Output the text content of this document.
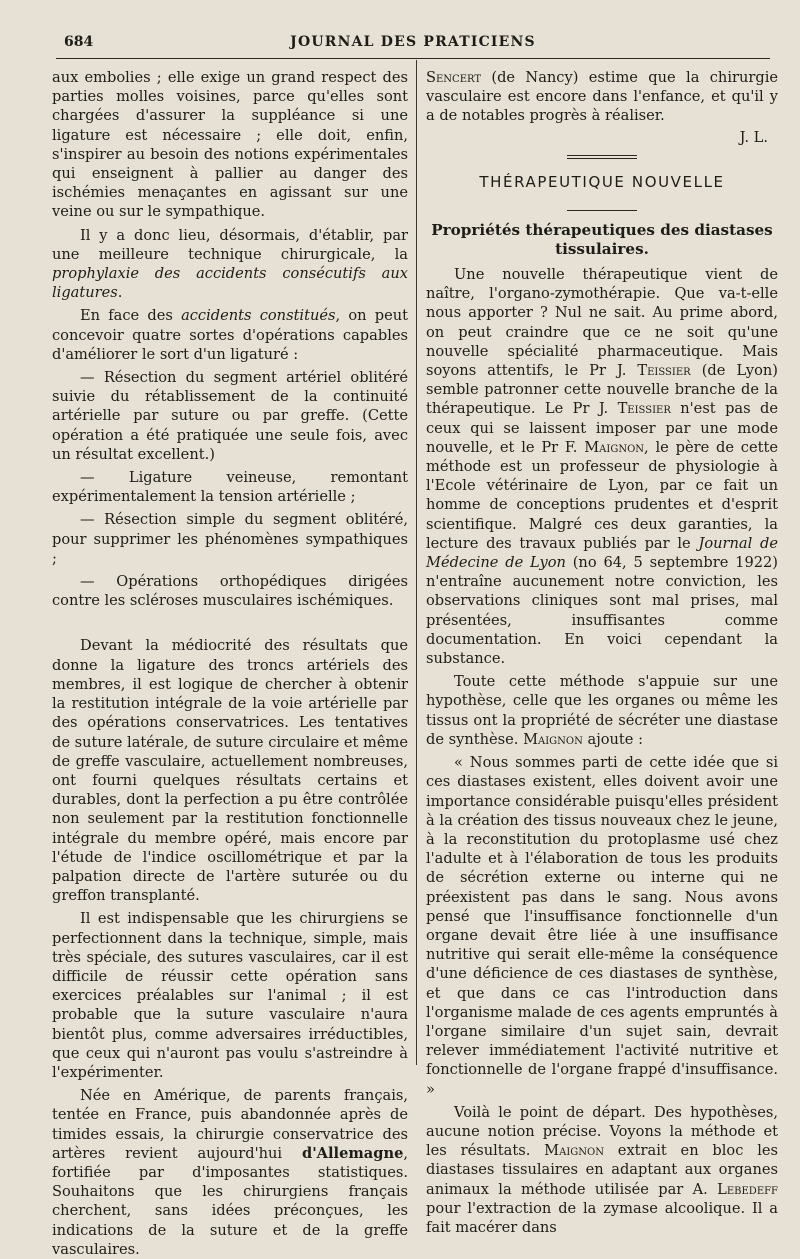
684	JOURNAL DES PRATICIENS

aux embolies ; elle exige un grand respect des parties molles voisines, parce qu'elles sont chargées d'assurer la suppléance si une ligature est nécessaire ; elle doit, enfin, s'inspirer au besoin des notions expérimentales qui enseignent à pallier au danger des ischémies menaçantes en agissant sur une veine ou sur le sympathique.

Il y a donc lieu, désormais, d'établir, par une meilleure technique chirurgicale, la prophylaxie des accidents consécutifs aux ligatures.

En face des accidents constitués, on peut concevoir quatre sortes d'opérations capables d'améliorer le sort d'un ligaturé :

— Résection du segment artériel oblitéré suivie du rétablissement de la continuité artérielle par suture ou par greffe. (Cette opération a été pratiquée une seule fois, avec un résultat excellent.)

— Ligature veineuse, remontant expérimentalement la tension artérielle ;

— Résection simple du segment oblitéré, pour supprimer les phénomènes sympathiques ;

— Opérations orthopédiques dirigées contre les scléroses musculaires ischémiques.

Devant la médiocrité des résultats que donne la ligature des troncs artériels des membres, il est logique de chercher à obtenir la restitution intégrale de la voie artérielle par des opérations conservatrices. Les tentatives de suture latérale, de suture circulaire et même de greffe vasculaire, actuellement nombreuses, ont fourni quelques résultats certains et durables, dont la perfection a pu être contrôlée non seulement par la restitution fonctionnelle intégrale du membre opéré, mais encore par l'étude de l'indice oscillométrique et par la palpation directe de l'artère suturée ou du greffon transplanté.

Il est indispensable que les chirurgiens se perfectionnent dans la technique, simple, mais très spéciale, des sutures vasculaires, car il est difficile de réussir cette opération sans exercices préalables sur l'animal ; il est probable que la suture vasculaire n'aura bientôt plus, comme adversaires irréductibles, que ceux qui n'auront pas voulu s'astreindre à l'expérimenter.

Née en Amérique, de parents français, tentée en France, puis abandonnée après de timides essais, la chirurgie conservatrice des artères revient aujourd'hui d'Allemagne, fortifiée par d'imposantes statistiques. Souhaitons que les chirurgiens français cherchent, sans idées préconçues, les indications de la suture et de la greffe vasculaires.

Sencert (de Nancy) estime que la chirurgie vasculaire est encore dans l'enfance, et qu'il y a de notables progrès à réaliser.

J. L.

THÉRAPEUTIQUE NOUVELLE

Propriétés thérapeutiques des diastases tissulaires.

Une nouvelle thérapeutique vient de naître, l'organo-zymothérapie. Que va-t-elle nous apporter ? Nul ne sait. Au prime abord, on peut craindre que ce ne soit qu'une nouvelle spécialité pharmaceutique. Mais soyons attentifs, le Pr J. Teissier (de Lyon) semble patronner cette nouvelle branche de la thérapeutique. Le Pr J. Teissier n'est pas de ceux qui se laissent imposer par une mode nouvelle, et le Pr F. Maignon, le père de cette méthode est un professeur de physiologie à l'Ecole vétérinaire de Lyon, par ce fait un homme de conceptions prudentes et d'esprit scientifique. Malgré ces deux garanties, la lecture des travaux publiés par le Journal de Médecine de Lyon (no 64, 5 septembre 1922) n'entraîne aucunement notre conviction, les observations cliniques sont mal prises, mal présentées, insuffisantes comme documentation. En voici cependant la substance.

Toute cette méthode s'appuie sur une hypothèse, celle que les organes ou même les tissus ont la propriété de sécréter une diastase de synthèse. Maignon ajoute :

« Nous sommes parti de cette idée que si ces diastases existent, elles doivent avoir une importance considérable puisqu'elles président à la création des tissus nouveaux chez le jeune, à la reconstitution du protoplasme usé chez l'adulte et à l'élaboration de tous les produits de sécrétion externe ou interne qui ne préexistent pas dans le sang. Nous avons pensé que l'insuffisance fonctionnelle d'un organe devait être liée à une insuffisance nutritive qui serait elle-même la conséquence d'une déficience de ces diastases de synthèse, et que dans ce cas l'introduction dans l'organisme malade de ces agents empruntés à l'organe similaire d'un sujet sain, devrait relever immédiatement l'activité nutritive et fonctionnelle de l'organe frappé d'insuffisance. »

Voilà le point de départ. Des hypothèses, aucune notion précise. Voyons la méthode et les résultats. Maignon extrait en bloc les diastases tissulaires en adaptant aux organes animaux la méthode utilisée par A. Lebedeff pour l'extraction de la zymase alcoolique. Il a fait macérer dans
